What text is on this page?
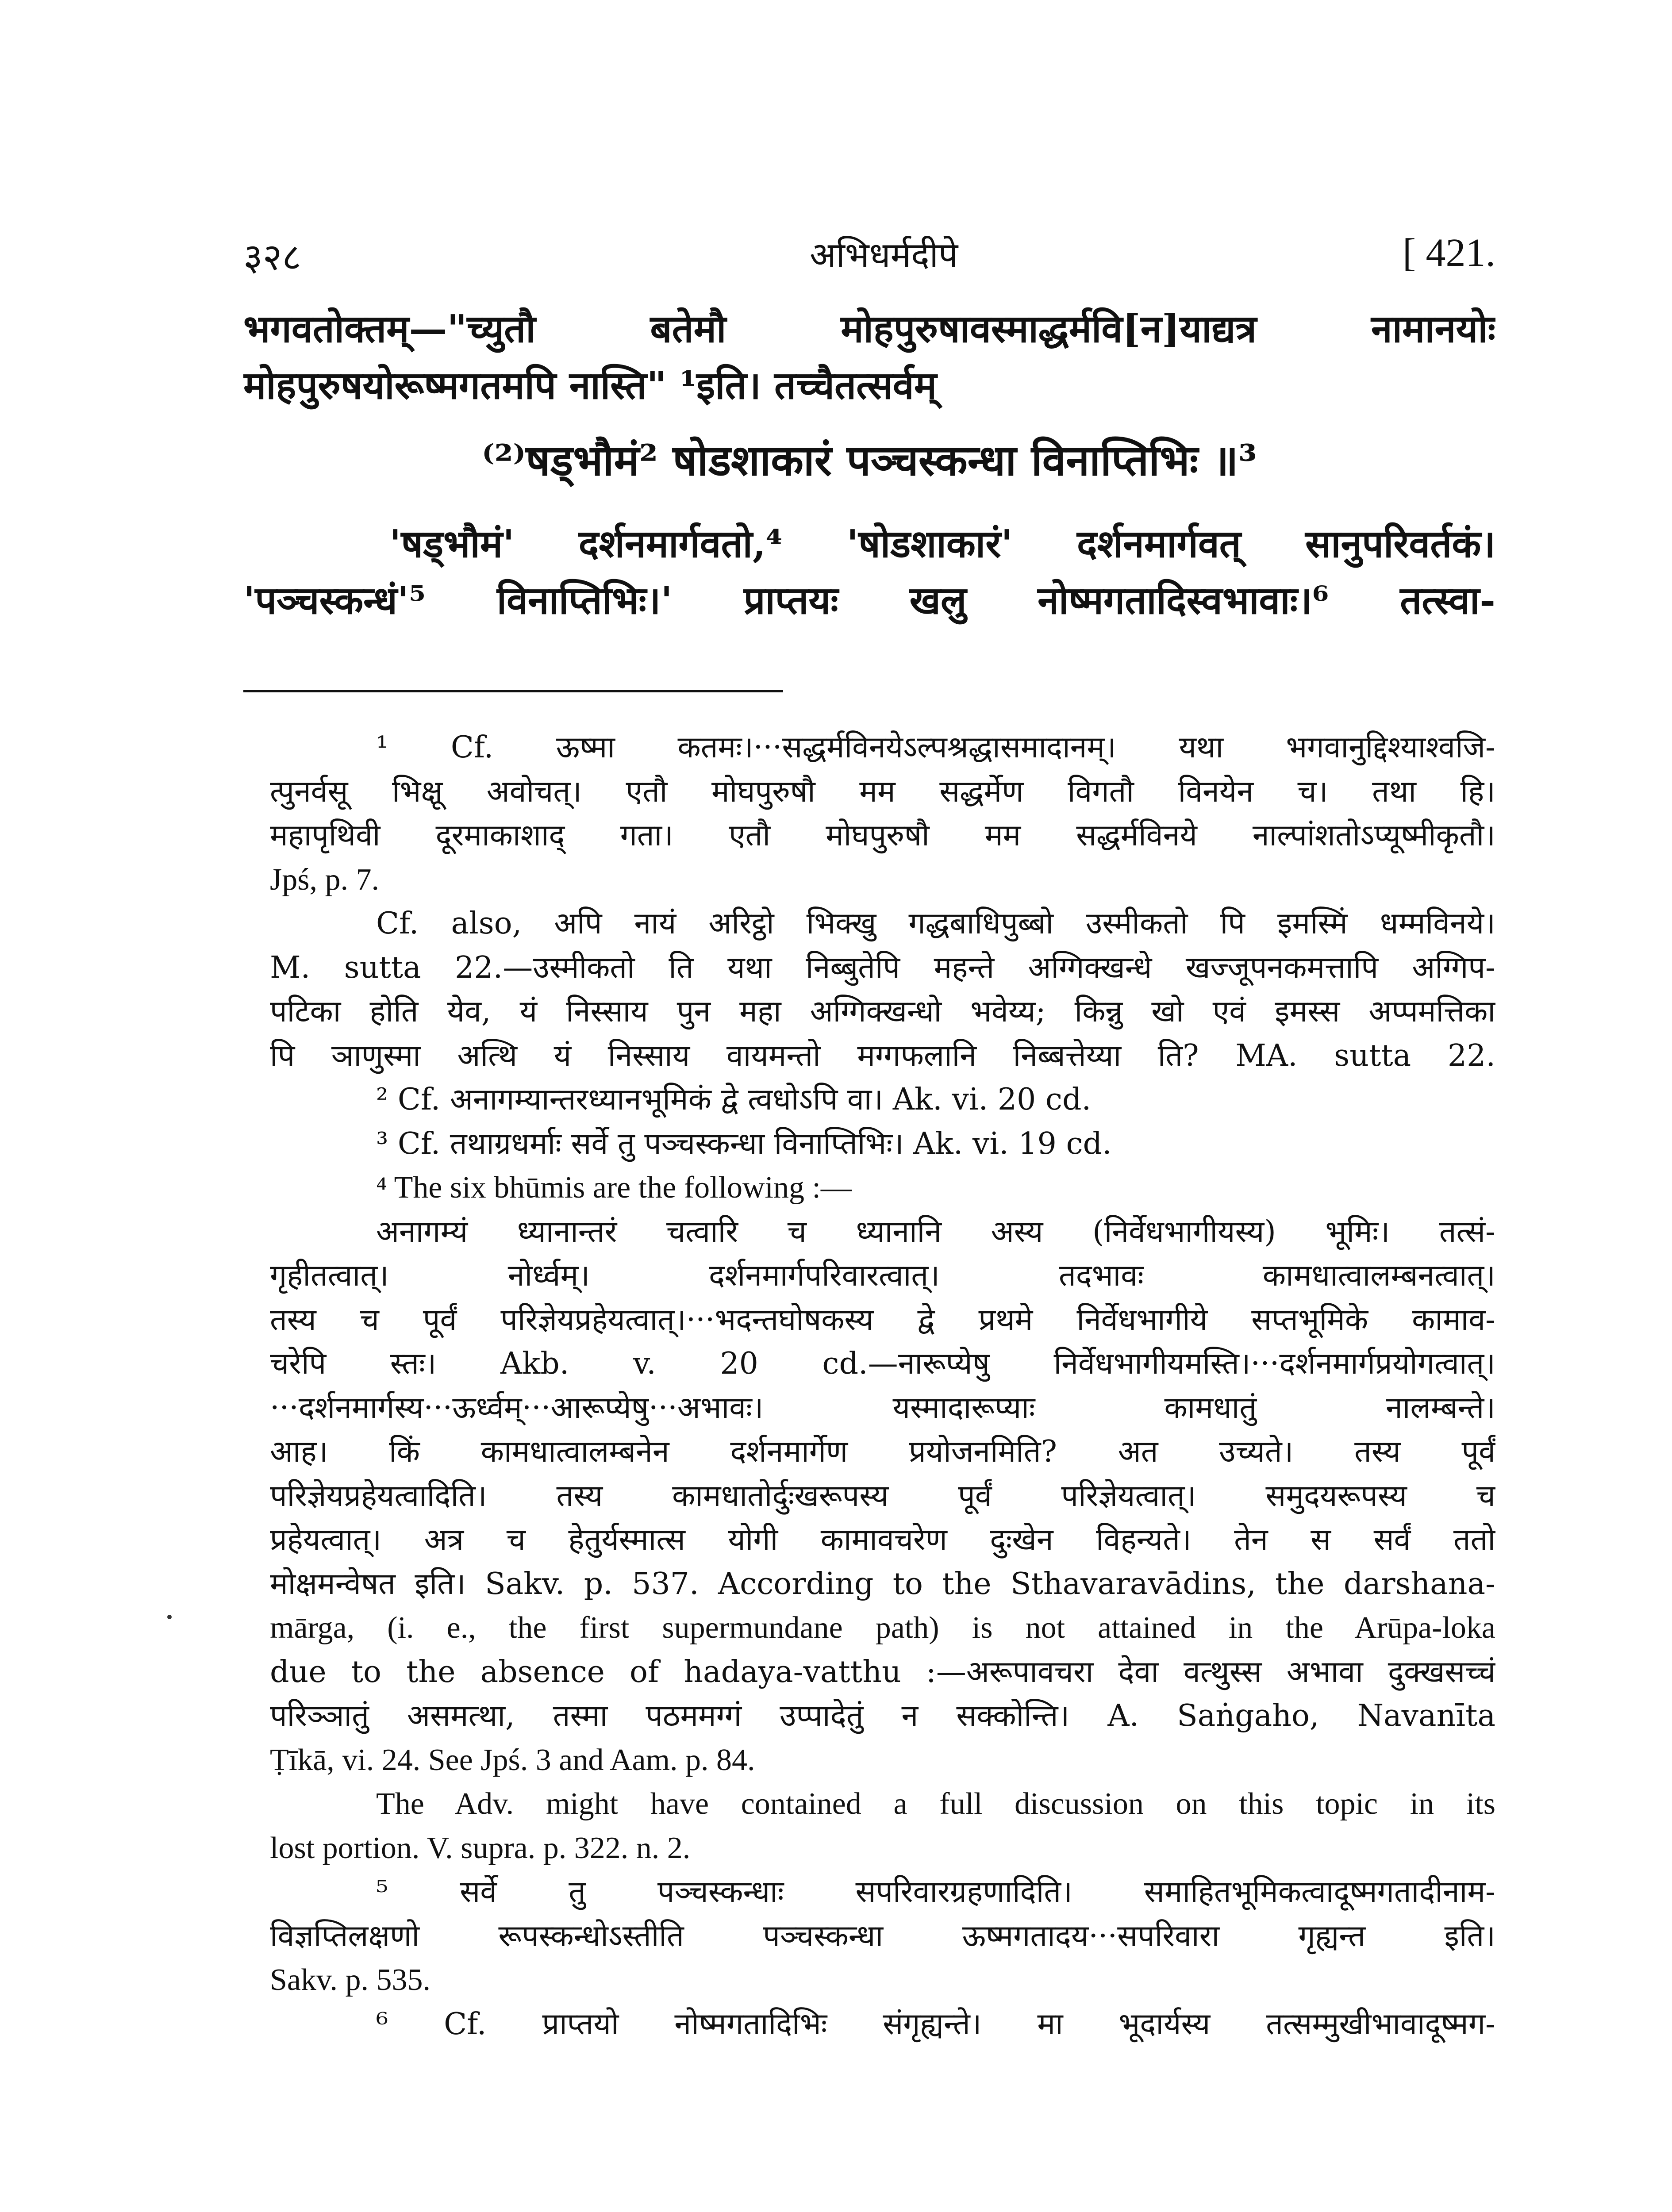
३२८	अभिधर्मदीपे	[ 421.
भगवतोक्तम्—"च्युतौ बतेमौ मोहपुरुषावस्माद्धर्मवि[न]याद्यत्र नामानयोः
मोहपुरुषयोरूष्मगतमपि नास्ति" ¹इति। तच्चैतत्सर्वम्
⁽²⁾षड्भौमं² षोडशाकारं पञ्चस्कन्धा विनाप्तिभिः ॥³
'षड्भौमं' दर्शनमार्गवतो,⁴ 'षोडशाकारं' दर्शनमार्गवत् सानुपरिवर्तकं।
'पञ्चस्कन्धं'⁵ विनाप्तिभिः।' प्राप्तयः खलु नोष्मगतादिस्वभावाः।⁶ तत्स्वा-
¹ Cf. ऊष्मा कतमः।···सद्धर्मविनयेऽल्पश्रद्धासमादानम्। यथा भगवानुद्दिश्याश्वजि-
त्पुनर्वसू भिक्षू अवोचत्। एतौ मोघपुरुषौ मम सद्धर्मेण विगतौ विनयेन च। तथा हि।
महापृथिवी दूरमाकाशाद् गता। एतौ मोघपुरुषौ मम सद्धर्मविनये नाल्पांशतोऽप्यूष्मीकृतौ।
Jpś, p. 7.
Cf. also, अपि नायं अरिट्ठो भिक्खु गद्धबाधिपुब्बो उस्मीकतो पि इमस्मिं धम्मविनये।
M. sutta 22.—उस्मीकतो ति यथा निब्बुतेपि महन्ते अग्गिक्खन्धे खज्जूपनकमत्तापि अग्गिप-
पटिका होति येव, यं निस्साय पुन महा अग्गिक्खन्धो भवेय्य; किन्नु खो एवं इमस्स अप्पमत्तिका
पि ञाणुस्मा अत्थि यं निस्साय वायमन्तो मग्गफलानि निब्बत्तेय्या ति? MA. sutta 22.
² Cf. अनागम्यान्तरध्यानभूमिकं द्वे त्वधोऽपि वा। Ak. vi. 20 cd.
³ Cf. तथाग्रधर्माः सर्वे तु पञ्चस्कन्धा विनाप्तिभिः। Ak. vi. 19 cd.
⁴ The six bhūmis are the following :—
अनागम्यं ध्यानान्तरं चत्वारि च ध्यानानि अस्य (निर्वेधभागीयस्य) भूमिः। तत्सं-
गृहीतत्वात्। नोर्ध्वम्। दर्शनमार्गपरिवारत्वात्। तदभावः कामधात्वालम्बनत्वात्।
तस्य च पूर्वं परिज्ञेयप्रहेयत्वात्।···भदन्तघोषकस्य द्वे प्रथमे निर्वेधभागीये सप्तभूमिके कामाव-
चरेपि स्तः। Akb. v. 20 cd.—नारूप्येषु निर्वेधभागीयमस्ति।···दर्शनमार्गप्रयोगत्वात्।
···दर्शनमार्गस्य···ऊर्ध्वम्···आरूप्येषु···अभावः। यस्मादारूप्याः कामधातुं नालम्बन्ते।
आह। किं कामधात्वालम्बनेन दर्शनमार्गेण प्रयोजनमिति? अत उच्यते। तस्य पूर्वं
परिज्ञेयप्रहेयत्वादिति। तस्य कामधातोर्दुःखरूपस्य पूर्वं परिज्ञेयत्वात्। समुदयरूपस्य च
प्रहेयत्वात्। अत्र च हेतुर्यस्मात्स योगी कामावचरेण दुःखेन विहन्यते। तेन स सर्वं ततो
मोक्षमन्वेषत इति। Sakv. p. 537. According to the Sthavaravādins, the darshana-
mārga, (i. e., the first supermundane path) is not attained in the Arūpa-loka
due to the absence of hadaya-vatthu :—अरूपावचरा देवा वत्थुस्स अभावा दुक्खसच्चं
परिञ्ञातुं असमत्था, तस्मा पठममग्गं उप्पादेतुं न सक्कोन्ति। A. Saṅgaho, Navanīta
Ṭīkā, vi. 24. See Jpś. 3 and Aam. p. 84.
The Adv. might have contained a full discussion on this topic in its
lost portion. V. supra. p. 322. n. 2.
⁵ सर्वे तु पञ्चस्कन्धाः सपरिवारग्रहणादिति। समाहितभूमिकत्वादूष्मगतादीनाम-
विज्ञप्तिलक्षणो रूपस्कन्धोऽस्तीति पञ्चस्कन्धा ऊष्मगतादय···सपरिवारा गृह्यन्त इति।
Sakv. p. 535.
⁶ Cf. प्राप्तयो नोष्मगतादिभिः संगृह्यन्ते। मा भूदार्यस्य तत्सम्मुखीभावादूष्मग-
